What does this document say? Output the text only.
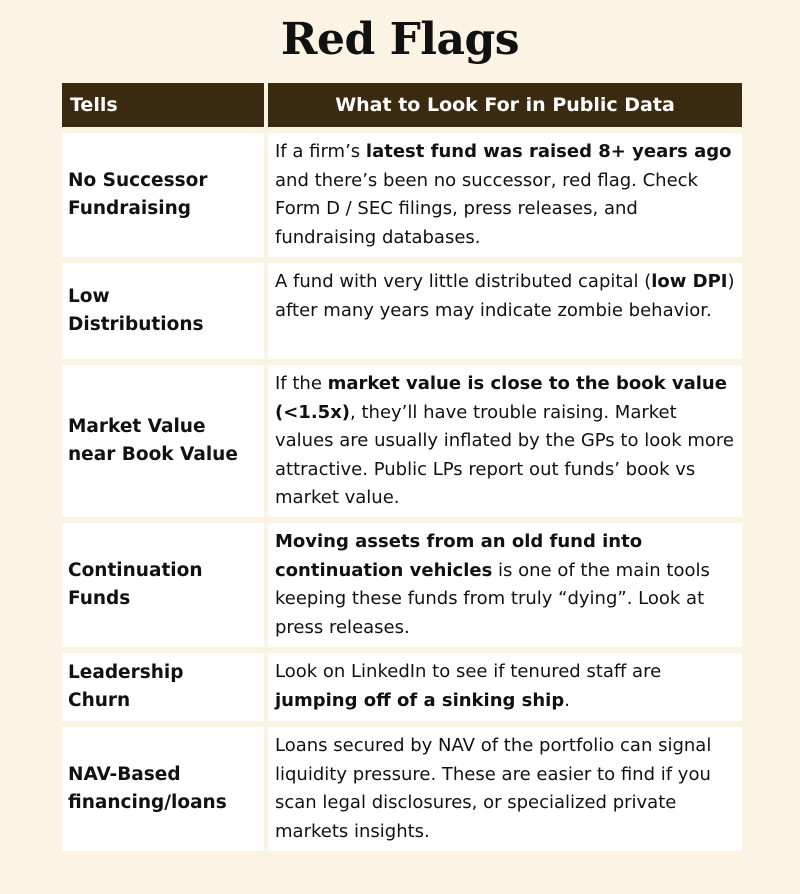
Red Flags
Tells	What to Look For in Public Data
No Successor
Fundraising
If a firm’s latest fund was raised 8+ years ago and there’s been no successor, red flag. Check Form D / SEC filings, press releases, and fundraising databases.
Low
Distributions
A fund with very little distributed capital (low DPI) after many years may indicate zombie behavior.
Market Value
near Book Value
If the market value is close to the book value (<1.5x), they’ll have trouble raising. Market values are usually inflated by the GPs to look more attractive. Public LPs report out funds’ book vs market value.
Continuation
Funds
Moving assets from an old fund into continuation vehicles is one of the main tools keeping these funds from truly “dying”. Look at press releases.
Leadership
Churn
Look on LinkedIn to see if tenured staff are jumping off of a sinking ship.
NAV-Based
financing/loans
Loans secured by NAV of the portfolio can signal liquidity pressure. These are easier to find if you scan legal disclosures, or specialized private markets insights.
